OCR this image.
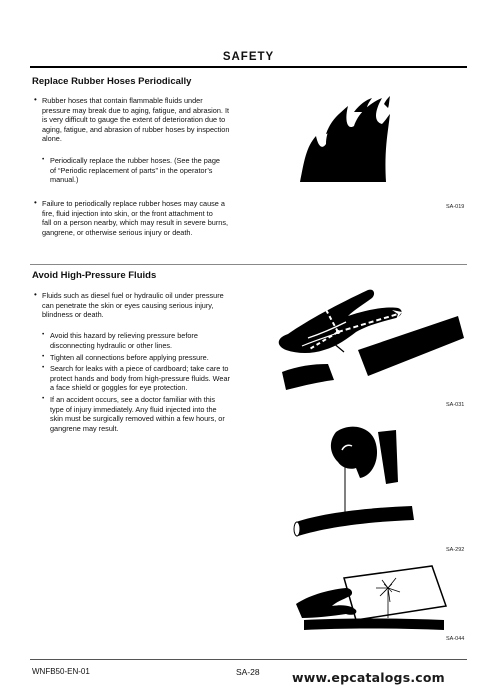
SAFETY
Replace Rubber Hoses Periodically
• Rubber hoses that contain flammable fluids under
pressure may break due to aging, fatigue, and abrasion. It
is very difficult to gauge the extent of deterioration due to
aging, fatigue, and abrasion of rubber hoses by inspection
alone.
• Periodically replace the rubber hoses. (See the page
of “Periodic replacement of parts” in the operator’s
manual.)
• Failure to periodically replace rubber hoses may cause a
fire, fluid injection into skin, or the front attachment to
fall on a person nearby, which may result in severe burns,
gangrene, or otherwise serious injury or death.
SA-019
Avoid High-Pressure Fluids
• Fluids such as diesel fuel or hydraulic oil under pressure
can penetrate the skin or eyes causing serious injury,
blindness or death.
• Avoid this hazard by relieving pressure before
disconnecting hydraulic or other lines.
• Tighten all connections before applying pressure.
• Search for leaks with a piece of cardboard; take care to
protect hands and body from high-pressure fluids. Wear
a face shield or goggles for eye protection.
• If an accident occurs, see a doctor familiar with this
type of injury immediately. Any fluid injected into the
skin must be surgically removed within a few hours, or
gangrene may result.
SA-031
SA-292
SA-044
WNFB50-EN-01	SA-28	www.epcatalogs.com
